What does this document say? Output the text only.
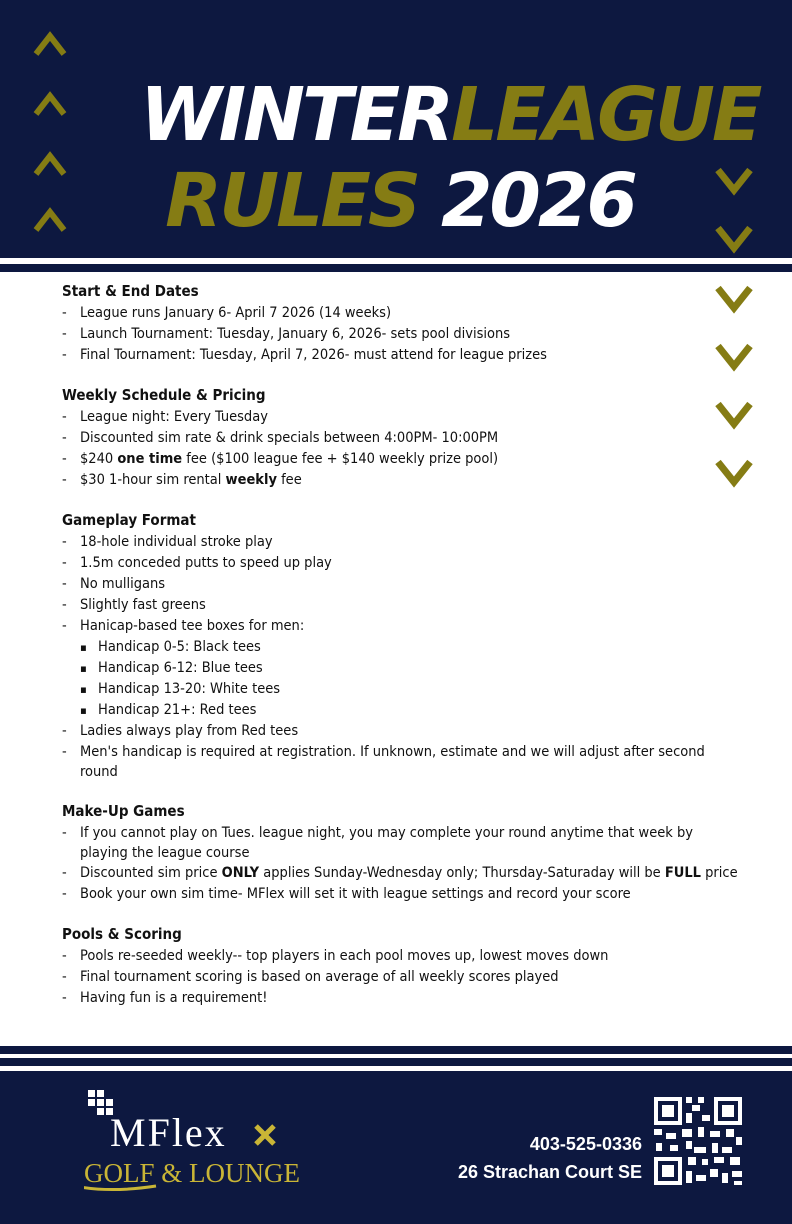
WINTERLEAGUE
RULES 2026

Start & End Dates

- League runs January 6- April 7 2026 (14 weeks)
- Launch Tournament: Tuesday, January 6, 2026- sets pool divisions
- Final Tournament: Tuesday, April 7, 2026- must attend for league prizes

Weekly Schedule & Pricing

- League night: Every Tuesday
- Discounted sim rate & drink specials between 4:00PM- 10:00PM
- $240 one time fee ($100 league fee + $140 weekly prize pool)
- $30 1-hour sim rental weekly fee

Gameplay Format

- 18-hole individual stroke play
- 1.5m conceded putts to speed up play
- No mulligans
- Slightly fast greens
- Hanicap-based tee boxes for men:
▪ Handicap 0-5: Black tees
▪ Handicap 6-12: Blue tees
▪ Handicap 13-20: White tees
▪ Handicap 21+: Red tees
- Ladies always play from Red tees
- Men's handicap is required at registration. If unknown, estimate and we will adjust after second round

Make-Up Games

- If you cannot play on Tues. league night, you may complete your round anytime that week by playing the league course
- Discounted sim price ONLY applies Sunday-Wednesday only; Thursday-Saturaday will be FULL price
- Book your own sim time- MFlex will set it with league settings and record your score

Pools & Scoring

- Pools re-seeded weekly-- top players in each pool moves up, lowest moves down
- Final tournament scoring is based on average of all weekly scores played
- Having fun is a requirement!
MFlex
GOLF & LOUNGE
403-525-0336
26 Strachan Court SE
